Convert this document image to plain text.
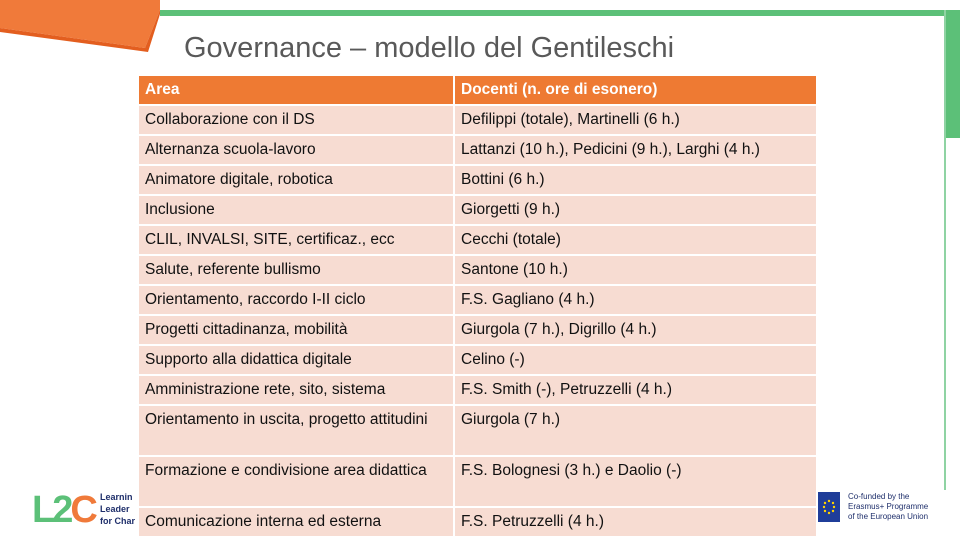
Governance – modello del Gentileschi
Area	Docenti (n. ore di esonero)
Collaborazione con il DS	Defilippi (totale), Martinelli (6 h.)
Alternanza scuola-lavoro	Lattanzi (10 h.), Pedicini (9 h.), Larghi (4 h.)
Animatore digitale, robotica	Bottini (6 h.)
Inclusione	Giorgetti (9 h.)
CLIL, INVALSI, SITE, certificaz., ecc	Cecchi (totale)
Salute, referente bullismo	Santone (10 h.)
Orientamento, raccordo I-II ciclo	F.S. Gagliano (4 h.)
Progetti cittadinanza, mobilità	Giurgola (7 h.), Digrillo (4 h.)
Supporto alla didattica digitale	Celino (-)
Amministrazione rete, sito, sistema	F.S. Smith (-), Petruzzelli (4 h.)
Orientamento in uscita, progetto attitudini	Giurgola (7 h.)
Formazione e condivisione area didattica	F.S. Bolognesi (3 h.) e Daolio (-)
Comunicazione interna ed esterna	F.S. Petruzzelli (4 h.)
L2C Learnin
Leader
for Char
Co-funded by the
Erasmus+ Programme
of the European Union
